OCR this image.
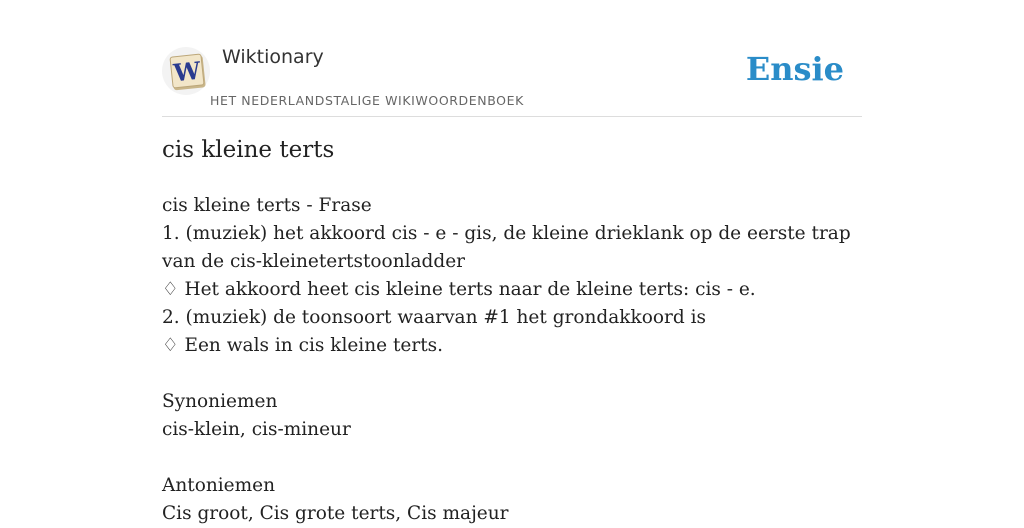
W Wiktionary
HET NEDERLANDSTALIGE WIKIWOORDENBOEK
Ensie
cis kleine terts
cis kleine terts - Frase
1. (muziek) het akkoord cis - e - gis, de kleine drieklank op de eerste trap van de cis-kleinetertstoonladder
♢ Het akkoord heet cis kleine terts naar de kleine terts: cis - e.
2. (muziek) de toonsoort waarvan #1 het grondakkoord is
♢ Een wals in cis kleine terts.
Synoniemen
cis-klein, cis-mineur
Antoniemen
Cis groot, Cis grote terts, Cis majeur
